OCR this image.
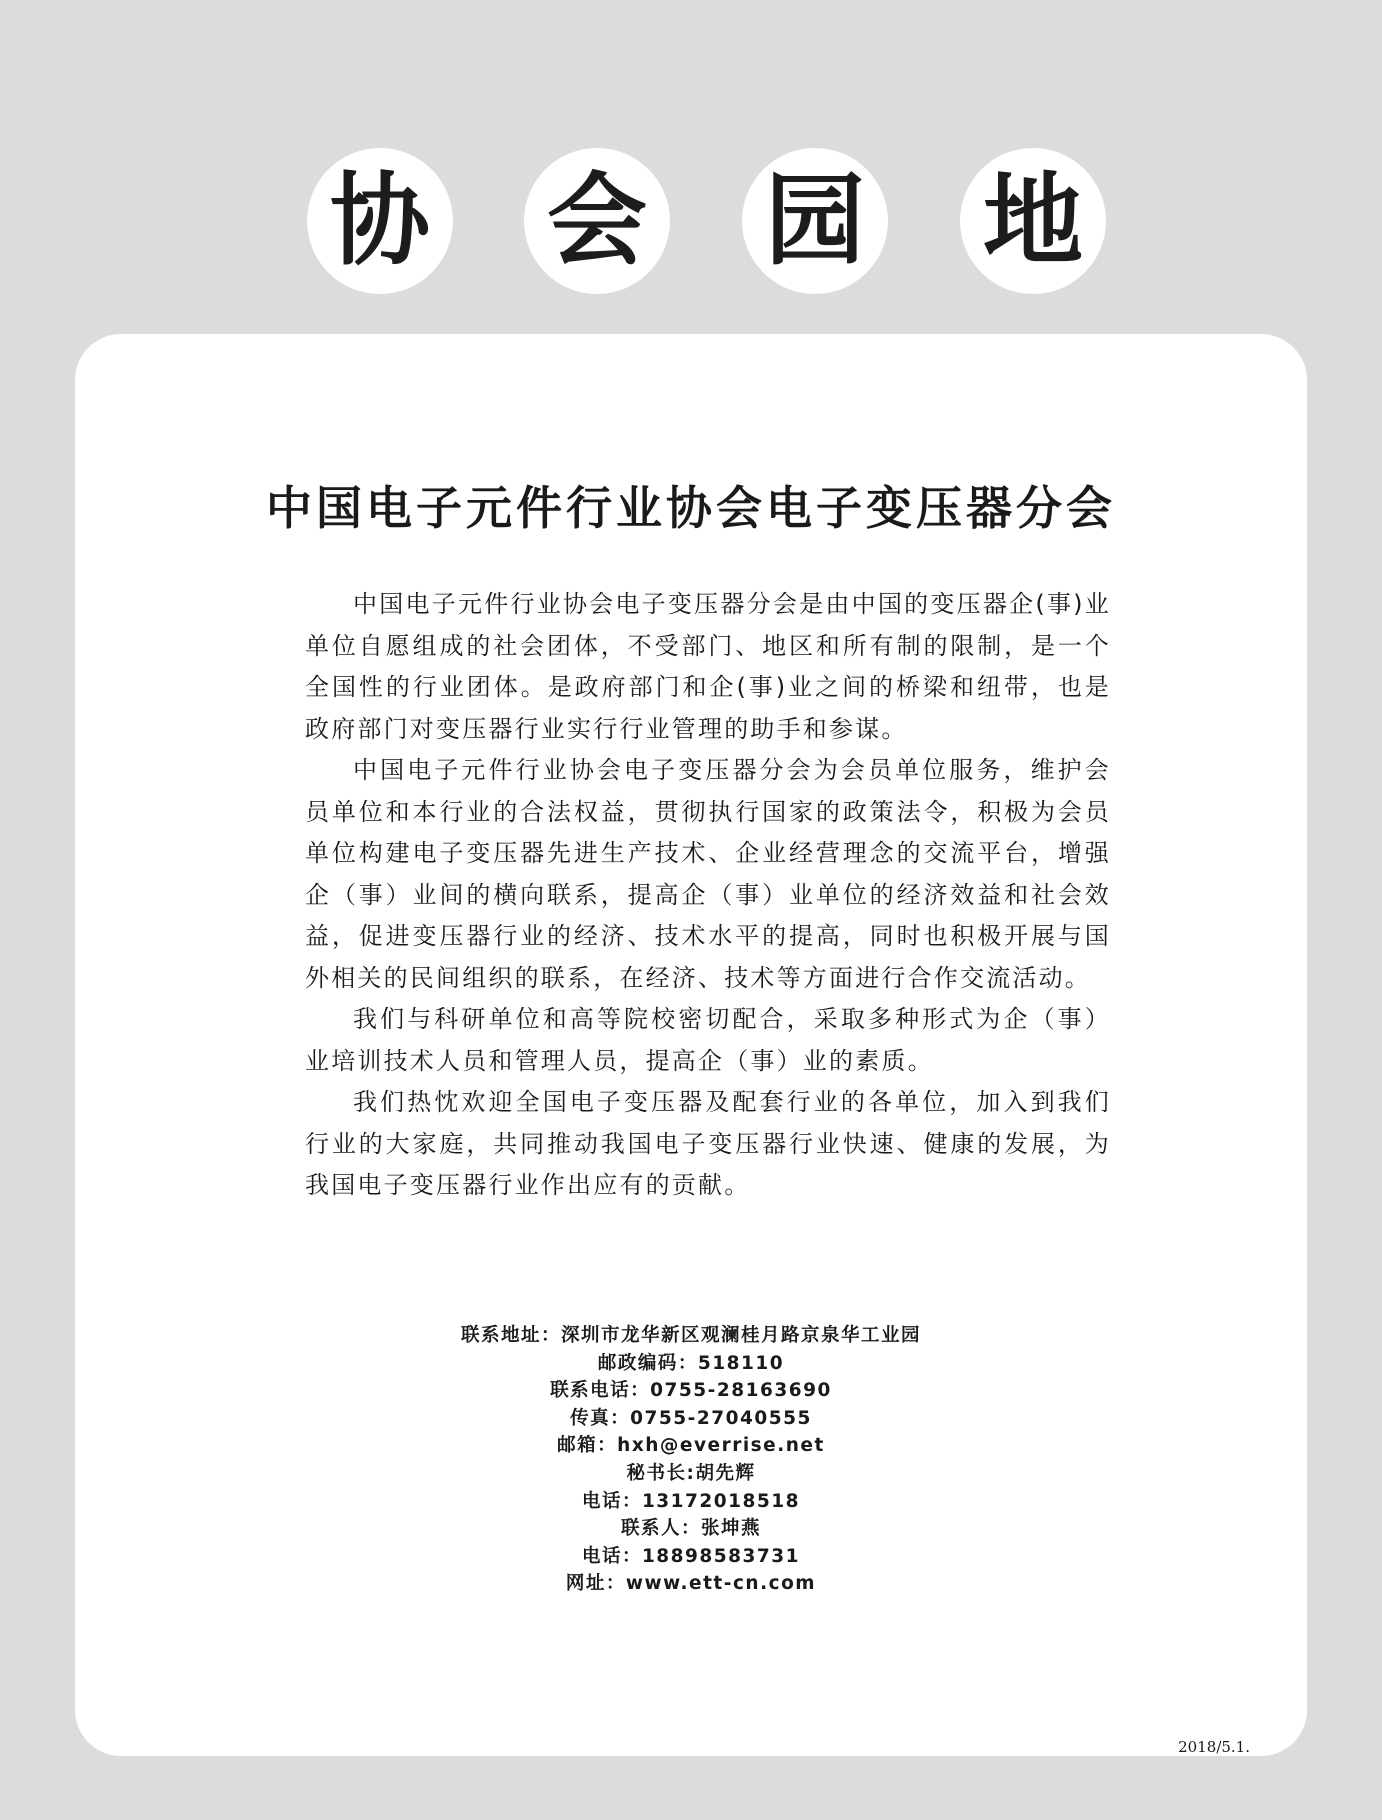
协 会 园 地
中国电子元件行业协会电子变压器分会

中国电子元件行业协会电子变压器分会是由中国的变压器企(事)业单位自愿组成的社会团体，不受部门、地区和所有制的限制，是一个全国性的行业团体。是政府部门和企(事)业之间的桥梁和纽带，也是政府部门对变压器行业实行行业管理的助手和参谋。

中国电子元件行业协会电子变压器分会为会员单位服务，维护会员单位和本行业的合法权益，贯彻执行国家的政策法令，积极为会员单位构建电子变压器先进生产技术、企业经营理念的交流平台，增强企（事）业间的横向联系，提高企（事）业单位的经济效益和社会效益，促进变压器行业的经济、技术水平的提高，同时也积极开展与国外相关的民间组织的联系，在经济、技术等方面进行合作交流活动。

我们与科研单位和高等院校密切配合，采取多种形式为企（事）业培训技术人员和管理人员，提高企（事）业的素质。

我们热忱欢迎全国电子变压器及配套行业的各单位，加入到我们行业的大家庭，共同推动我国电子变压器行业快速、健康的发展，为我国电子变压器行业作出应有的贡献。

联系地址：深圳市龙华新区观澜桂月路京泉华工业园
邮政编码：518110
联系电话：0755-28163690
传真：0755-27040555
邮箱：hxh@everrise.net
秘书长:胡先辉
电话：13172018518
联系人：张坤燕
电话：18898583731
网址：www.ett-cn.com
2018/5.1.
